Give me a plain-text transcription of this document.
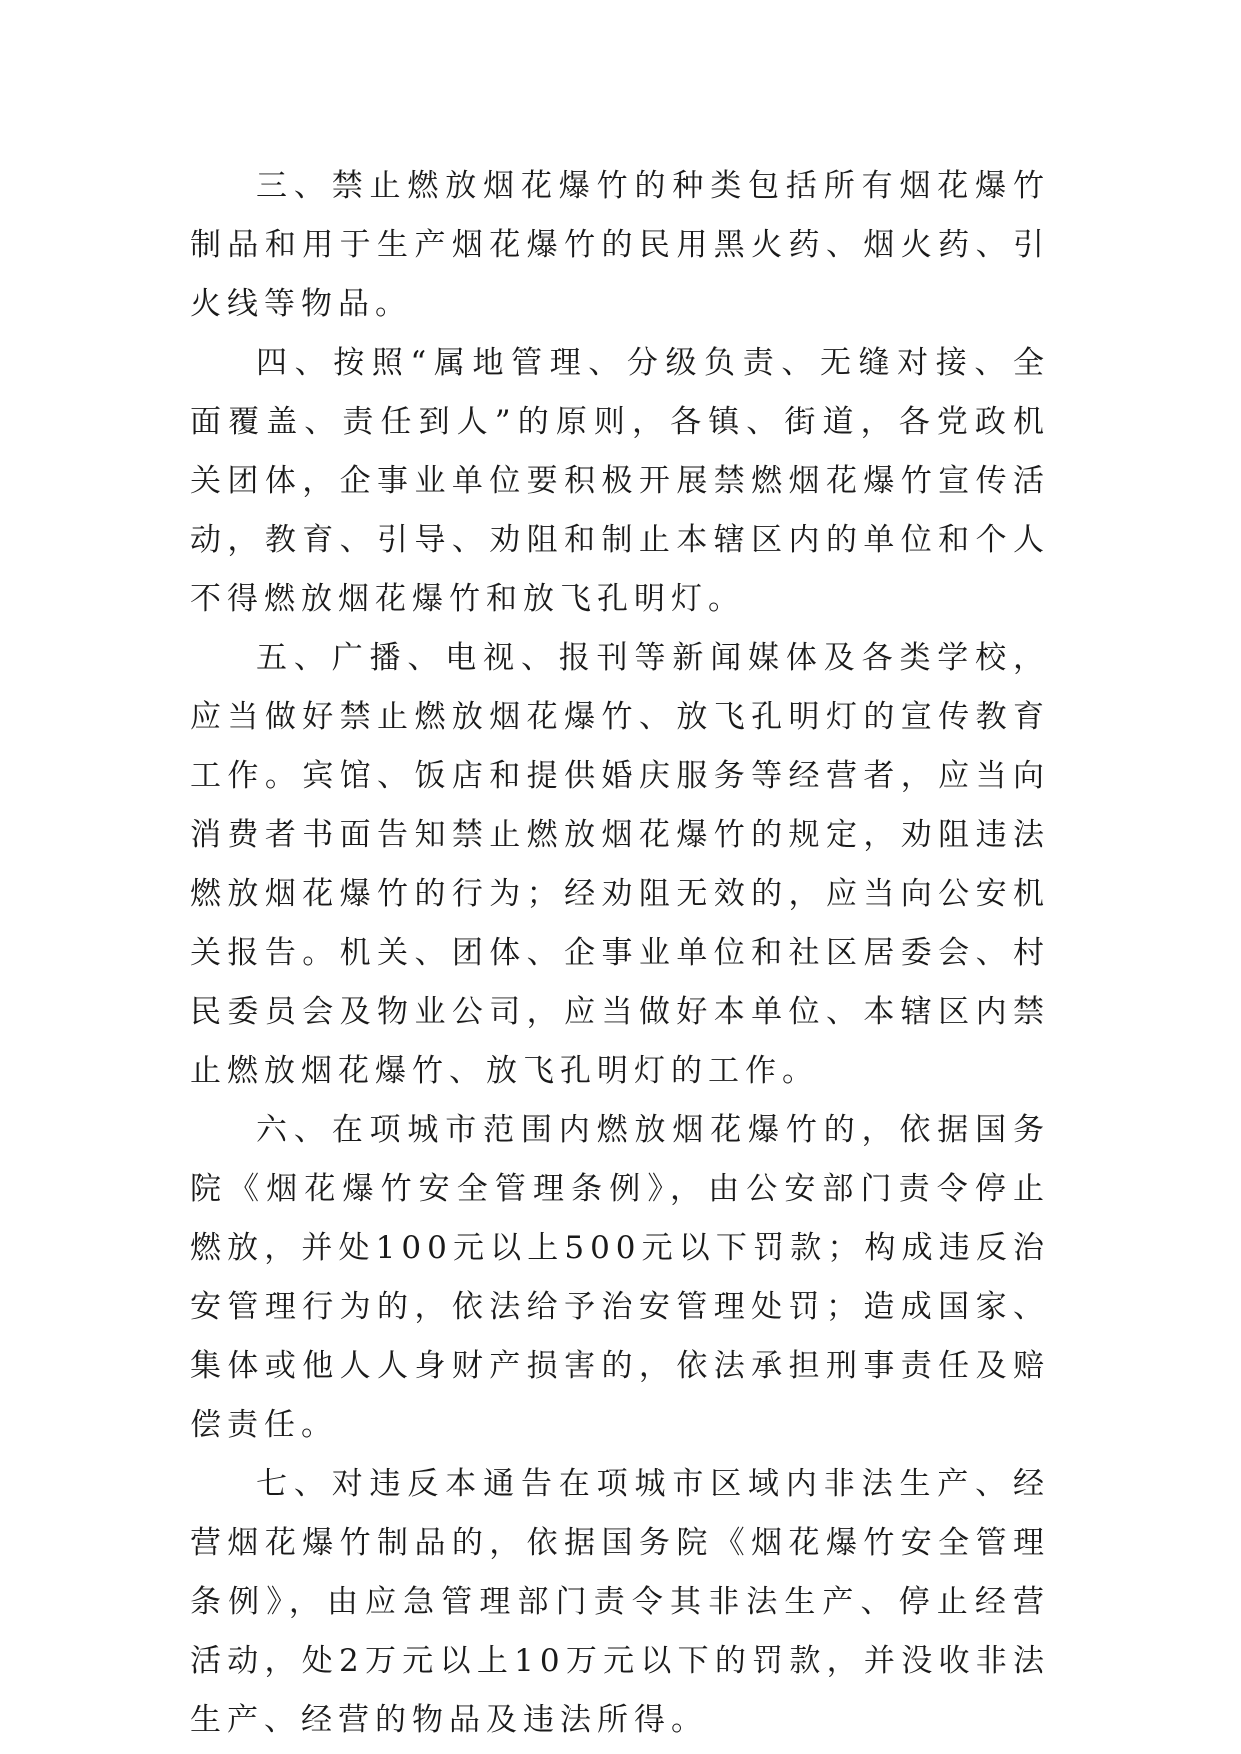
三、禁止燃放烟花爆竹的种类包括所有烟花爆竹制品和用于生产烟花爆竹的民用黑火药、烟火药、引火线等物品。

四、按照“属地管理、分级负责、无缝对接、全面覆盖、责任到人”的原则，各镇、街道，各党政机关团体，企事业单位要积极开展禁燃烟花爆竹宣传活动，教育、引导、劝阻和制止本辖区内的单位和个人不得燃放烟花爆竹和放飞孔明灯。

五、广播、电视、报刊等新闻媒体及各类学校，应当做好禁止燃放烟花爆竹、放飞孔明灯的宣传教育工作。宾馆、饭店和提供婚庆服务等经营者，应当向消费者书面告知禁止燃放烟花爆竹的规定，劝阻违法燃放烟花爆竹的行为；经劝阻无效的，应当向公安机关报告。机关、团体、企事业单位和社区居委会、村民委员会及物业公司，应当做好本单位、本辖区内禁止燃放烟花爆竹、放飞孔明灯的工作。

六、在项城市范围内燃放烟花爆竹的，依据国务院《烟花爆竹安全管理条例》，由公安部门责令停止燃放，并处100元以上500元以下罚款；构成违反治安管理行为的，依法给予治安管理处罚；造成国家、集体或他人人身财产损害的，依法承担刑事责任及赔偿责任。

七、对违反本通告在项城市区域内非法生产、经营烟花爆竹制品的，依据国务院《烟花爆竹安全管理条例》，由应急管理部门责令其非法生产、停止经营活动，处2万元以上10万元以下的罚款，并没收非法生产、经营的物品及违法所得。
